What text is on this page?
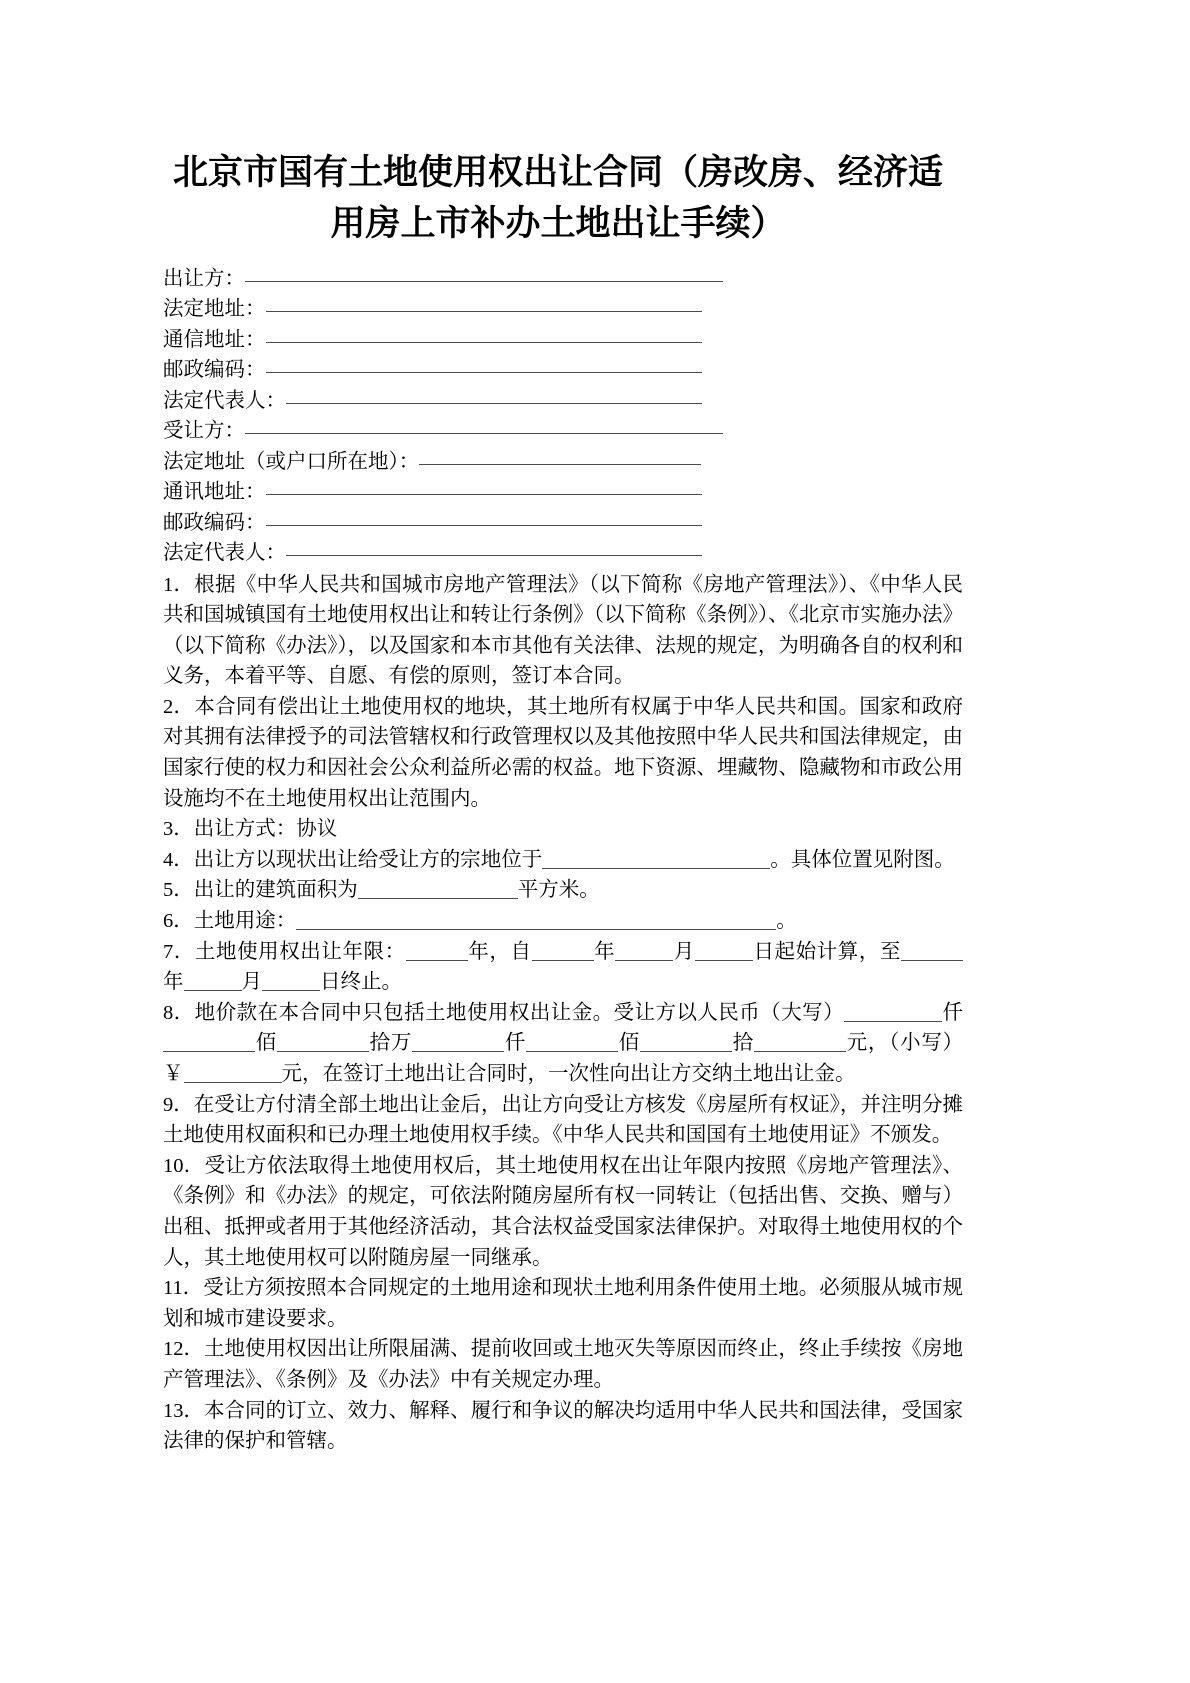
北京市国有土地使用权出让合同（房改房、经济适用房上市补办土地出让手续）
出让方：
法定地址：
通信地址：
邮政编码：
法定代表人：
受让方：
法定地址（或户口所在地）：
通讯地址：
邮政编码：
法定代表人：

1．根据《中华人民共和国城市房地产管理法》（以下简称《房地产管理法》）、《中华人民共和国城镇国有土地使用权出让和转让行条例》（以下简称《条例》）、《北京市实施办法》（以下简称《办法》），以及国家和本市其他有关法律、法规的规定，为明确各自的权利和义务，本着平等、自愿、有偿的原则，签订本合同。

2．本合同有偿出让土地使用权的地块，其土地所有权属于中华人民共和国。国家和政府对其拥有法律授予的司法管辖权和行政管理权以及其他按照中华人民共和国法律规定，由国家行使的权力和因社会公众利益所必需的权益。地下资源、埋藏物、隐藏物和市政公用设施均不在土地使用权出让范围内。

3．出让方式：协议

4．出让方以现状出让给受让方的宗地位于	。具体位置见附图。

5．出让的建筑面积为	平方米。

6．土地用途：	。

7．土地使用权出让年限：	年，自	年	月	日起始计算，至年	月	日终止。

8．地价款在本合同中只包括土地使用权出让金。受让方以人民币（大写）	仟佰	拾万	仟	佰	拾	元，（小写）￥	元，在签订土地出让合同时，一次性向出让方交纳土地出让金。

9．在受让方付清全部土地出让金后，出让方向受让方核发《房屋所有权证》，并注明分摊土地使用权面积和已办理土地使用权手续。《中华人民共和国国有土地使用证》不颁发。

10．受让方依法取得土地使用权后，其土地使用权在出让年限内按照《房地产管理法》、《条例》和《办法》的规定，可依法附随房屋所有权一同转让（包括出售、交换、赠与）出租、抵押或者用于其他经济活动，其合法权益受国家法律保护。对取得土地使用权的个人，其土地使用权可以附随房屋一同继承。

11．受让方须按照本合同规定的土地用途和现状土地利用条件使用土地。必须服从城市规划和城市建设要求。

12．土地使用权因出让所限届满、提前收回或土地灭失等原因而终止，终止手续按《房地产管理法》、《条例》及《办法》中有关规定办理。

13．本合同的订立、效力、解释、履行和争议的解决均适用中华人民共和国法律，受国家法律的保护和管辖。
